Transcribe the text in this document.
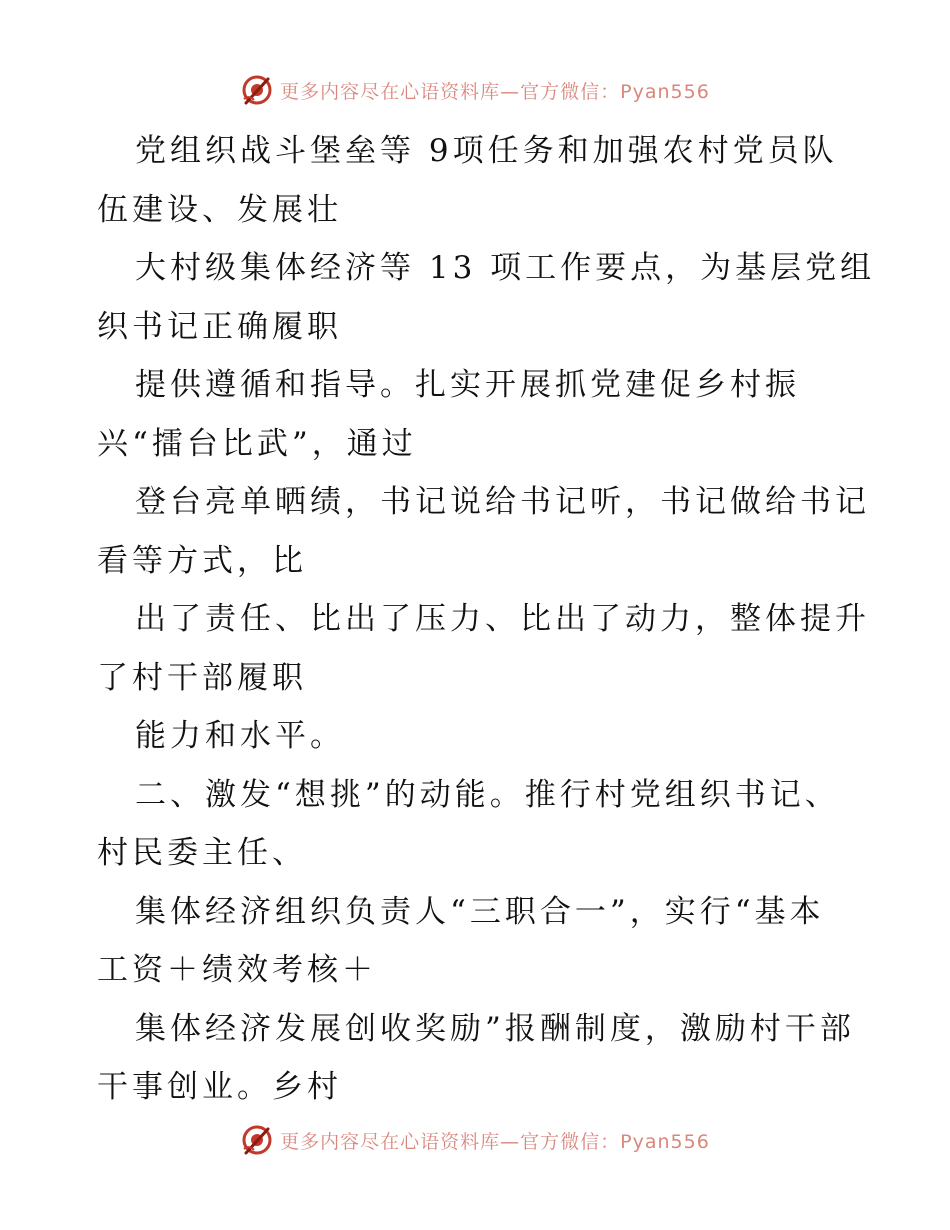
更多内容尽在心语资料库—官方微信：Pyan556
党组织战斗堡垒等 9项任务和加强农村党员队
伍建设、发展壮
大村级集体经济等 13 项工作要点，为基层党组
织书记正确履职
提供遵循和指导。扎实开展抓党建促乡村振
兴“擂台比武”，通过
登台亮单晒绩，书记说给书记听，书记做给书记
看等方式，比
出了责任、比出了压力、比出了动力，整体提升
了村干部履职
能力和水平。
二、激发“想挑”的动能。推行村党组织书记、
村民委主任、
集体经济组织负责人“三职合一”，实行“基本
工资＋绩效考核＋
集体经济发展创收奖励”报酬制度，激励村干部
干事创业。乡村
更多内容尽在心语资料库—官方微信：Pyan556
